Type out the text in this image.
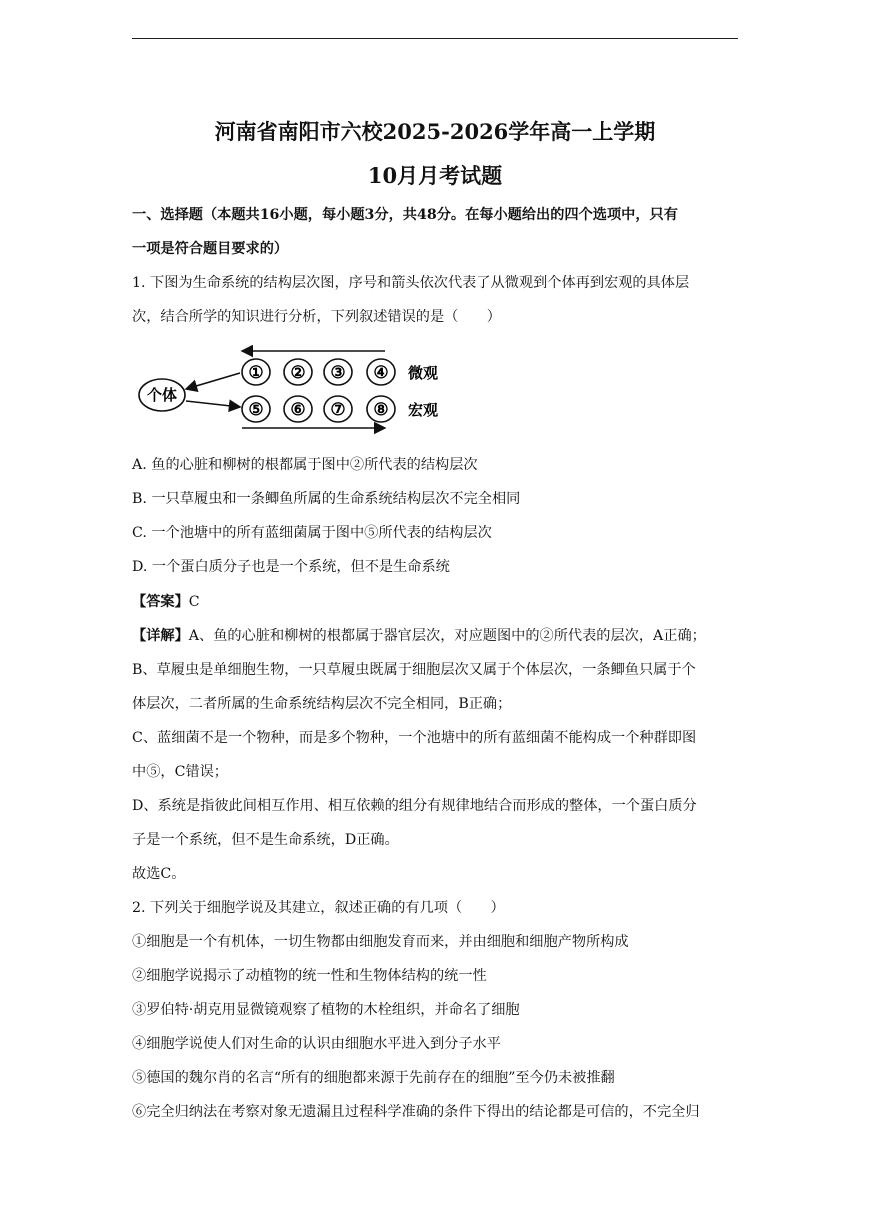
河南省南阳市六校2025-2026学年高一上学期
10月月考试题
一、选择题（本题共16小题，每小题3分，共48分。在每小题给出的四个选项中，只有
一项是符合题目要求的）
1. 下图为生命系统的结构层次图，序号和箭头依次代表了从微观到个体再到宏观的具体层
次，结合所学的知识进行分析，下列叙述错误的是（　　）
个体
① ② ③ ④ 微观
⑤ ⑥ ⑦ ⑧ 宏观
A. 鱼的心脏和柳树的根都属于图中②所代表的结构层次
B. 一只草履虫和一条鲫鱼所属的生命系统结构层次不完全相同
C. 一个池塘中的所有蓝细菌属于图中⑤所代表的结构层次
D. 一个蛋白质分子也是一个系统，但不是生命系统
【答案】C
【详解】A、鱼的心脏和柳树的根都属于器官层次，对应题图中的②所代表的层次，A正确；
B、草履虫是单细胞生物，一只草履虫既属于细胞层次又属于个体层次，一条鲫鱼只属于个
体层次，二者所属的生命系统结构层次不完全相同，B正确；
C、蓝细菌不是一个物种，而是多个物种，一个池塘中的所有蓝细菌不能构成一个种群即图
中⑤，C错误；
D、系统是指彼此间相互作用、相互依赖的组分有规律地结合而形成的整体，一个蛋白质分
子是一个系统，但不是生命系统，D正确。
故选C。
2. 下列关于细胞学说及其建立，叙述正确的有几项（　　）
①细胞是一个有机体，一切生物都由细胞发育而来，并由细胞和细胞产物所构成
②细胞学说揭示了动植物的统一性和生物体结构的统一性
③罗伯特·胡克用显微镜观察了植物的木栓组织，并命名了细胞
④细胞学说使人们对生命的认识由细胞水平进入到分子水平
⑤德国的魏尔肖的名言“所有的细胞都来源于先前存在的细胞”至今仍未被推翻
⑥完全归纳法在考察对象无遗漏且过程科学准确的条件下得出的结论都是可信的，不完全归
